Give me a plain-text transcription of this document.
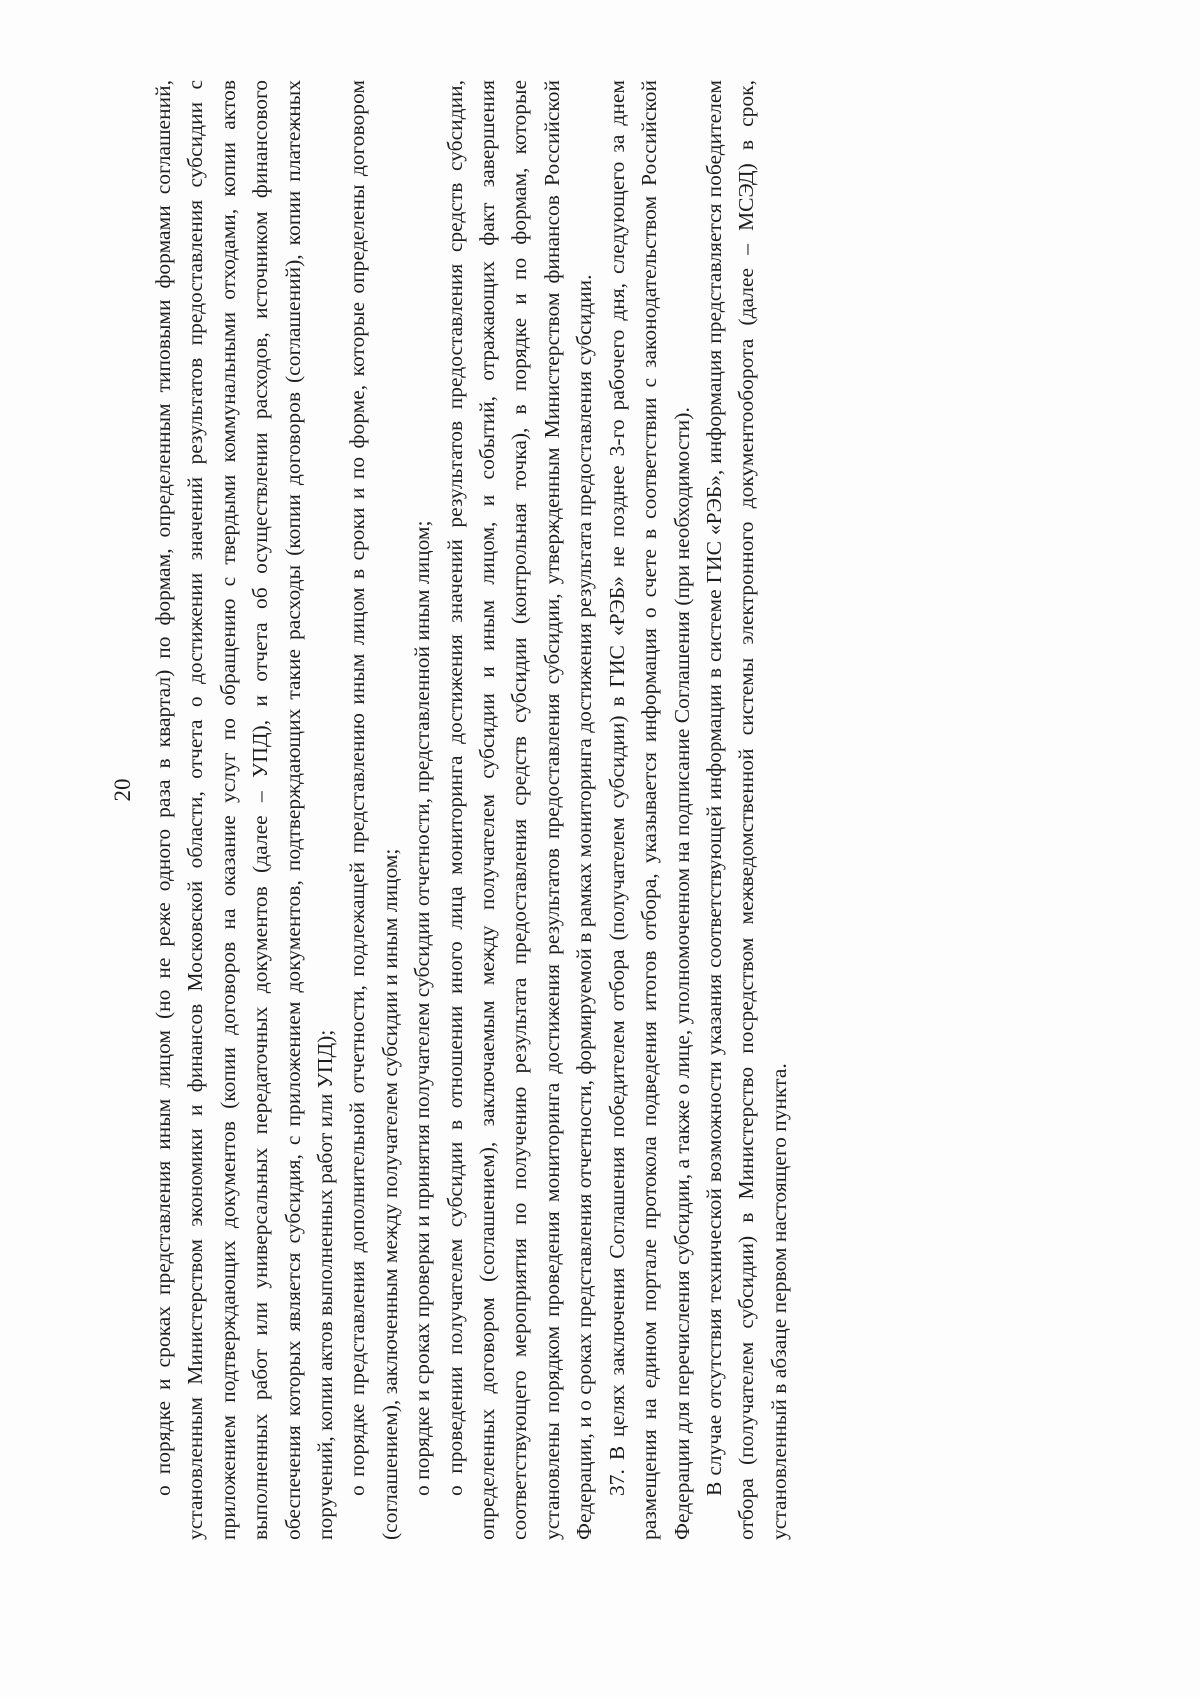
20 о порядке и сроках представления иным лицом (но не реже одного раза в квартал) по формам, определенным типовыми формами соглашений, установленным Министерством экономики и финансов Московской области, отчета о достижении значений результатов предоставления субсидии с приложением подтверждающих документов (копии договоров на оказание услуг по обращению с твердыми коммунальными отходами, копии актов выполненных работ или универсальных передаточных документов (далее – УПД), и отчета об осуществлении расходов, источником финансового обеспечения которых является субсидия, с приложением документов, подтверждающих такие расходы (копии договоров (соглашений), копии платежных поручений, копии актов выполненных работ или УПД); о порядке представления дополнительной отчетности, подлежащей представлению иным лицом в сроки и по форме, которые определены договором (соглашением), заключенным между получателем субсидии и иным лицом; о порядке и сроках проверки и принятия получателем субсидии отчетности, представленной иным лицом; о проведении получателем субсидии в отношении иного лица мониторинга достижения значений результатов предоставления средств субсидии, определенных договором (соглашением), заключаемым между получателем субсидии и иным лицом, и событий, отражающих факт завершения соответствующего мероприятия по получению результата предоставления средств субсидии (контрольная точка), в порядке и по формам, которые установлены порядком проведения мониторинга достижения результатов предоставления субсидии, утвержденным Министерством финансов Российской Федерации, и о сроках представления отчетности, формируемой в рамках мониторинга достижения результата предоставления субсидии. 37. В целях заключения Соглашения победителем отбора (получателем субсидии) в ГИС «РЭБ» не позднее 3-го рабочего дня, следующего за днем размещения на едином портале протокола подведения итогов отбора, указывается информация о счете в соответствии с законодательством Российской Федерации для перечисления субсидии, а также о лице, уполномоченном на подписание Соглашения (при необходимости). В случае отсутствия технической возможности указания соответствующей информации в системе ГИС «РЭБ», информация представляется победителем отбора (получателем субсидии) в Министерство посредством межведомственной системы электронного документооборота (далее – МСЭД) в срок, установленный в абзаце первом настоящего пункта.
